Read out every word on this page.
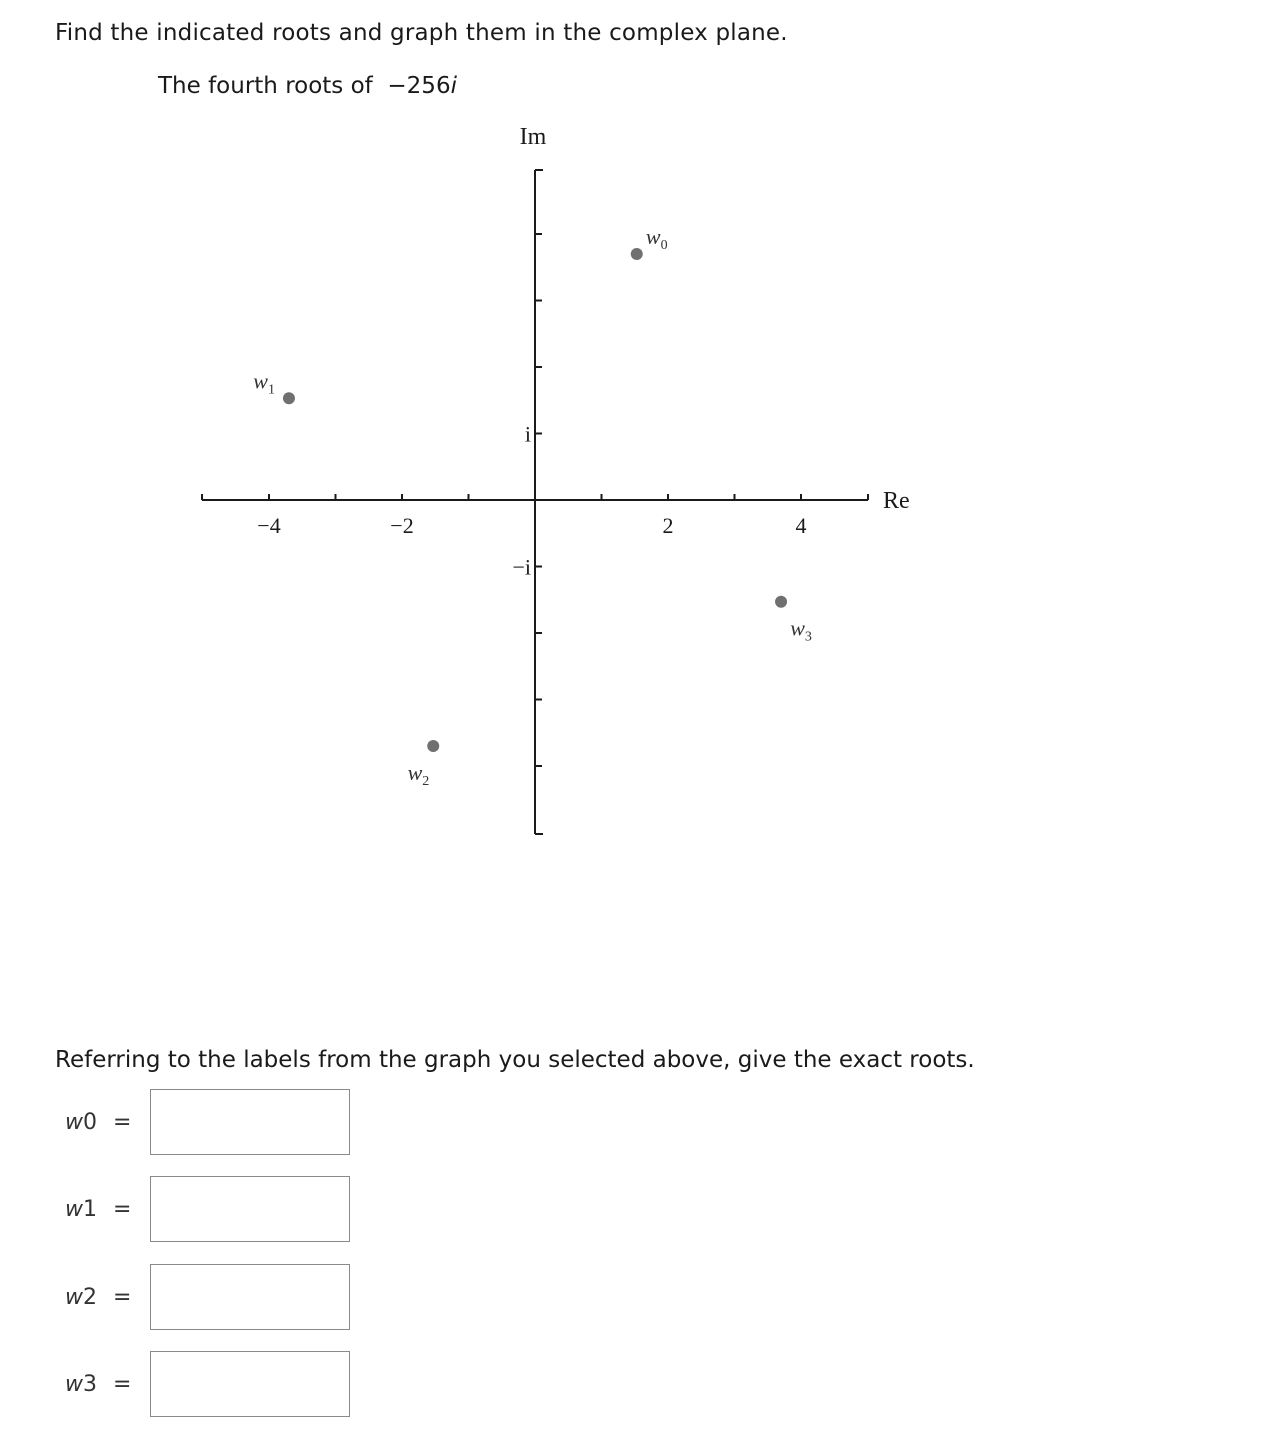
Find the indicated roots and graph them in the complex plane.
The fourth roots of −256i
−4	−2	2	4
i
−i
Im
Re
$w_0$
$w_1$
$w_2$
$w_3$
Referring to the labels from the graph you selected above, give the exact roots.
w 0 =
w 1 =
w 2 =
w 3 =
